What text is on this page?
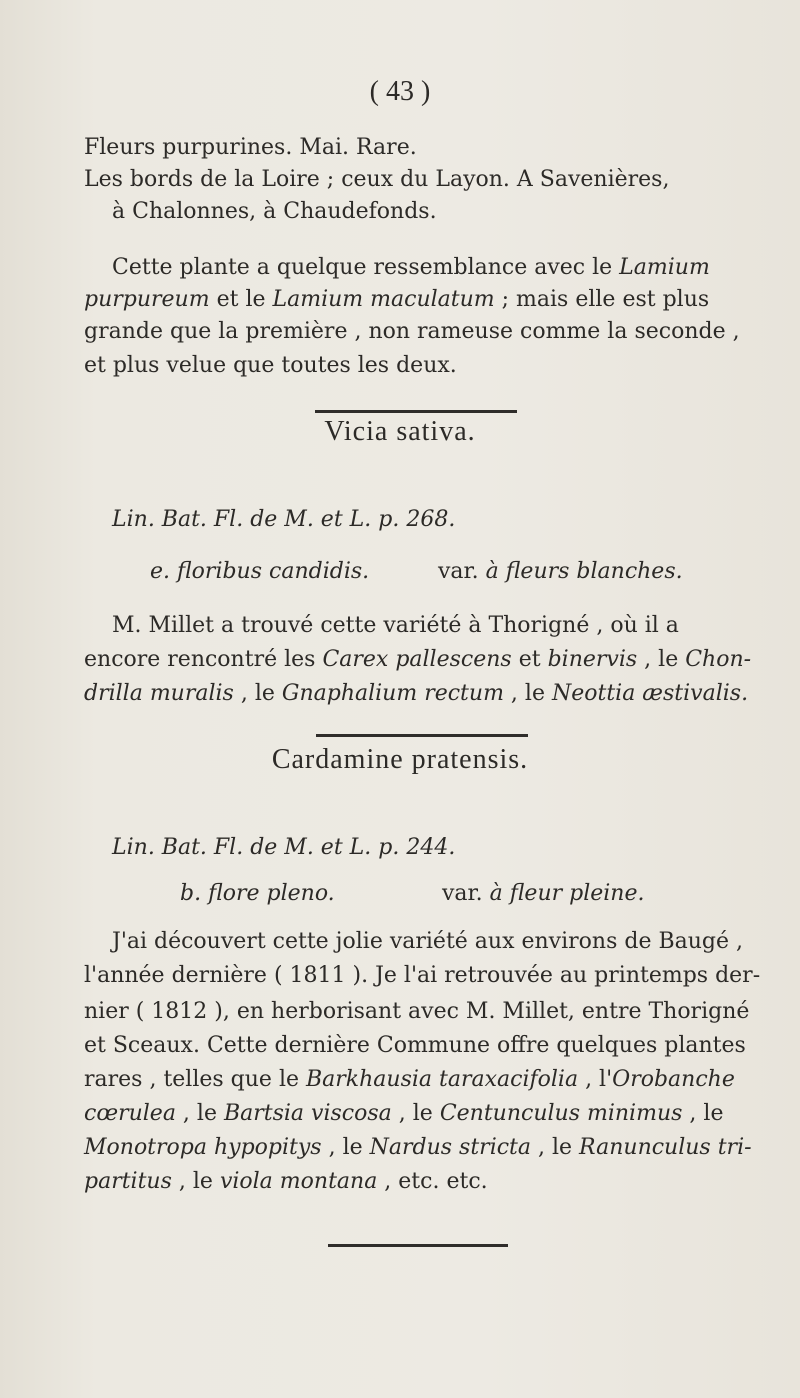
( 43 )
Fleurs purpurines. Mai. Rare.
Les bords de la Loire ; ceux du Layon. A Savenières,
à Chalonnes, à Chaudefonds.
Cette plante a quelque ressemblance avec le Lamium
purpureum et le Lamium maculatum ; mais elle est plus
grande que la première , non rameuse comme la seconde ,
et plus velue que toutes les deux.
Vicia sativa.
Lin. Bat. Fl. de M. et L. p. 268.
e. floribus candidis.	var. à fleurs blanches.
M. Millet a trouvé cette variété à Thorigné , où il a
encore rencontré les Carex pallescens et binervis , le Chon-
drilla muralis , le Gnaphalium rectum , le Neottia æstivalis.
Cardamine pratensis.
Lin. Bat. Fl. de M. et L. p. 244.
b. flore pleno.	var. à fleur pleine.
J'ai découvert cette jolie variété aux environs de Baugé ,
l'année dernière ( 1811 ). Je l'ai retrouvée au printemps der-
nier ( 1812 ), en herborisant avec M. Millet, entre Thorigné
et Sceaux. Cette dernière Commune offre quelques plantes
rares , telles que le Barkhausia taraxacifolia , l'Orobanche
cœrulea , le Bartsia viscosa , le Centunculus minimus , le
Monotropa hypopitys , le Nardus stricta , le Ranunculus tri-
partitus , le viola montana , etc. etc.
